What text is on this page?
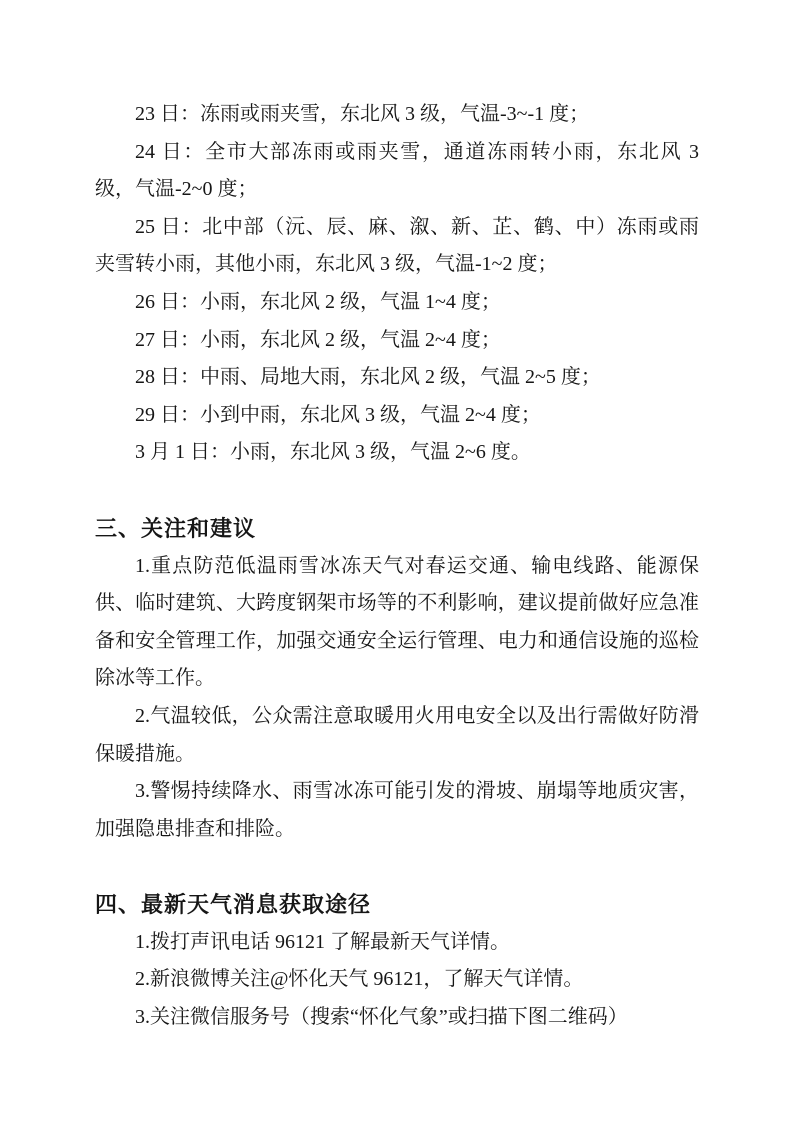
23 日：冻雨或雨夹雪，东北风 3 级，气温-3~-1 度；

24 日：全市大部冻雨或雨夹雪，通道冻雨转小雨，东北风 3 级，气温-2~0 度；

25 日：北中部（沅、辰、麻、溆、新、芷、鹤、中）冻雨或雨夹雪转小雨，其他小雨，东北风 3 级，气温-1~2 度；

26 日：小雨，东北风 2 级，气温 1~4 度；

27 日：小雨，东北风 2 级，气温 2~4 度；

28 日：中雨、局地大雨，东北风 2 级，气温 2~5 度；

29 日：小到中雨，东北风 3 级，气温 2~4 度；

3 月 1 日：小雨，东北风 3 级，气温 2~6 度。

三、关注和建议

1.重点防范低温雨雪冰冻天气对春运交通、输电线路、能源保供、临时建筑、大跨度钢架市场等的不利影响，建议提前做好应急准备和安全管理工作，加强交通安全运行管理、电力和通信设施的巡检除冰等工作。

2.气温较低，公众需注意取暖用火用电安全以及出行需做好防滑保暖措施。

3.警惕持续降水、雨雪冰冻可能引发的滑坡、崩塌等地质灾害，加强隐患排查和排险。

四、最新天气消息获取途径

1.拨打声讯电话 96121 了解最新天气详情。

2.新浪微博关注@怀化天气 96121，了解天气详情。

3.关注微信服务号（搜索“怀化气象”或扫描下图二维码）
